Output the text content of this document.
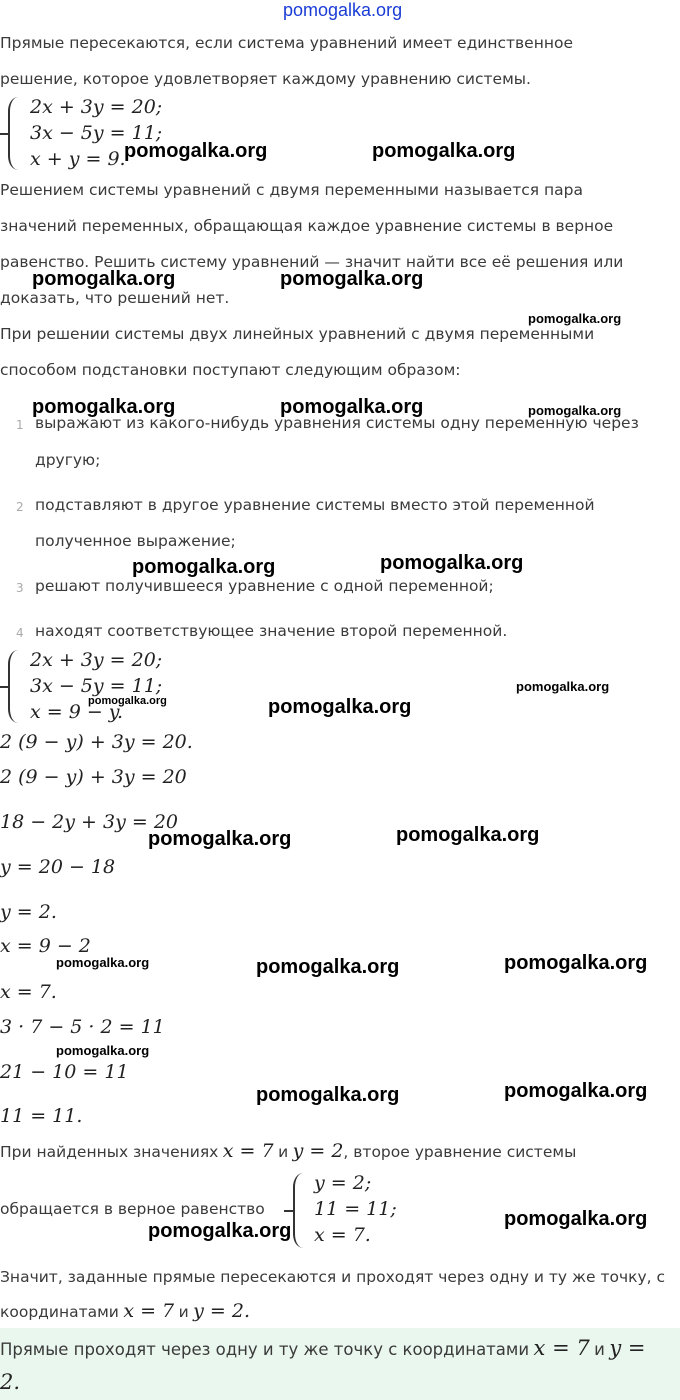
pomogalka.org
Прямые пересекаются, если система уравнений имеет единственное
решение, которое удовлетворяет каждому уравнению системы.
2x + 3y = 20;
3x − 5y = 11;
x + y = 9.
Решением системы уравнений с двумя переменными называется пара
значений переменных, обращающая каждое уравнение системы в верное
равенство. Решить систему уравнений — значит найти все её решения или
доказать, что решений нет.
При решении системы двух линейных уравнений с двумя переменными
способом подстановки поступают следующим образом:
1 выражают из какого-нибудь уравнения системы одну переменную через
другую;
2 подставляют в другое уравнение системы вместо этой переменной
полученное выражение;
3 решают получившееся уравнение с одной переменной;
4 находят соответствующее значение второй переменной.
2x + 3y = 20;
3x − 5y = 11;
x = 9 − y.
2 (9 − y) + 3y = 20.
2 (9 − y) + 3y = 20
18 − 2y + 3y = 20
y = 20 − 18
y = 2.
x = 9 − 2
x = 7.
3 · 7 − 5 · 2 = 11
21 − 10 = 11
11 = 11.
При найденных значениях x = 7 и y = 2, второе уравнение системы
обращается в верное равенство
y = 2;
11 = 11;
x = 7.
Значит, заданные прямые пересекаются и проходят через одну и ту же точку, с
координатами x = 7 и y = 2.
Прямые проходят через одну и ту же точку с координатами x = 7 и y =
2.
pomogalka.org	pomogalka.org
pomogalka.org	pomogalka.org
pomogalka.org
pomogalka.org	pomogalka.org	pomogalka.org
pomogalka.org	pomogalka.org
pomogalka.org
pomogalka.org	pomogalka.org
pomogalka.org	pomogalka.org
pomogalka.org	pomogalka.org	pomogalka.org
pomogalka.org
pomogalka.org	pomogalka.org
pomogalka.org
pomogalka.org
